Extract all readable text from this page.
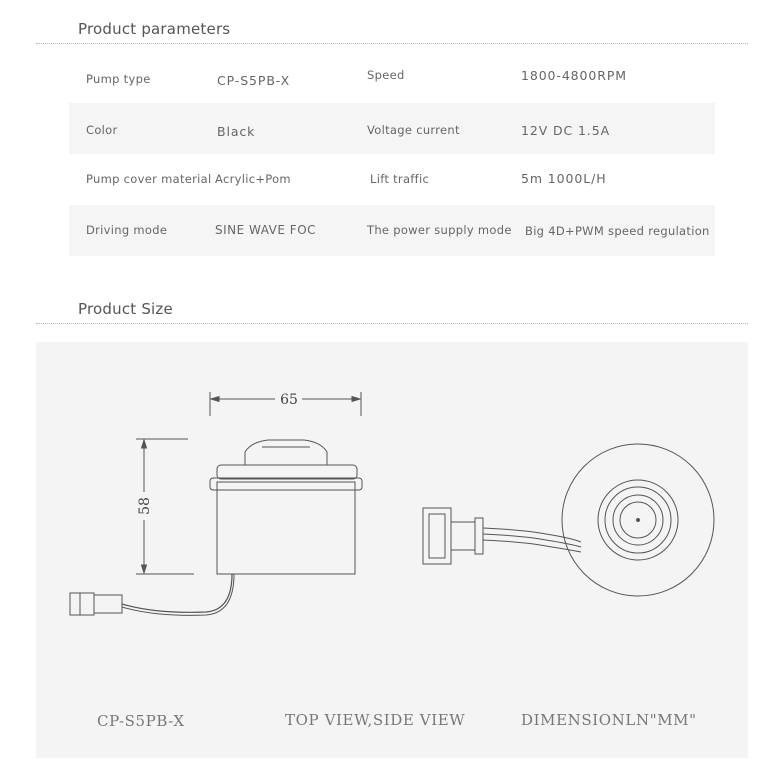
Product parameters
Pump type	CP-S5PB-X	Speed	1800-4800RPM
Color	Black	Voltage current	12V DC 1.5A
Pump cover material Acrylic+Pom	Lift traffic	5m 1000L/H
Driving mode	SINE WAVE FOC	The power supply mode Big 4D+PWM speed regulation
Product Size
65
58
CP-S5PB-X	TOP VIEW,SIDE VIEW	DIMENSIONLN"MM"
